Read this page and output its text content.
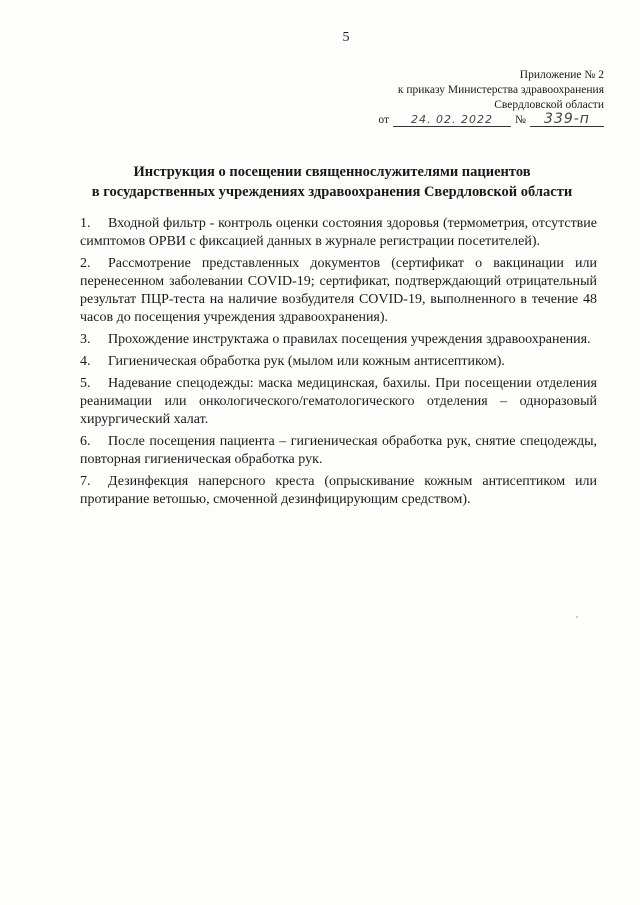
5
Приложение № 2
к приказу Министерства здравоохранения
Свердловской области
от	24. 02. 2022	№	339-п
Инструкция о посещении священнослужителями пациентов
в государственных учреждениях здравоохранения Свердловской области

1. Входной фильтр - контроль оценки состояния здоровья (термометрия, отсутствие симптомов ОРВИ с фиксацией данных в журнале регистрации посетителей).

2. Рассмотрение представленных документов (сертификат о вакцинации или перенесенном заболевании COVID-19; сертификат, подтверждающий отрицательный результат ПЦР-теста на наличие возбудителя COVID-19, выполненного в течение 48 часов до посещения учреждения здравоохранения).

3. Прохождение инструктажа о правилах посещения учреждения здравоохранения.

4. Гигиеническая обработка рук (мылом или кожным антисептиком).

5. Надевание спецодежды: маска медицинская, бахилы. При посещении отделения реанимации или онкологического/гематологического отделения – одноразовый хирургический халат.

6. После посещения пациента – гигиеническая обработка рук, снятие спецодежды, повторная гигиеническая обработка рук.

7. Дезинфекция наперсного креста (опрыскивание кожным антисептиком или протирание ветошью, смоченной дезинфицирующим средством).
